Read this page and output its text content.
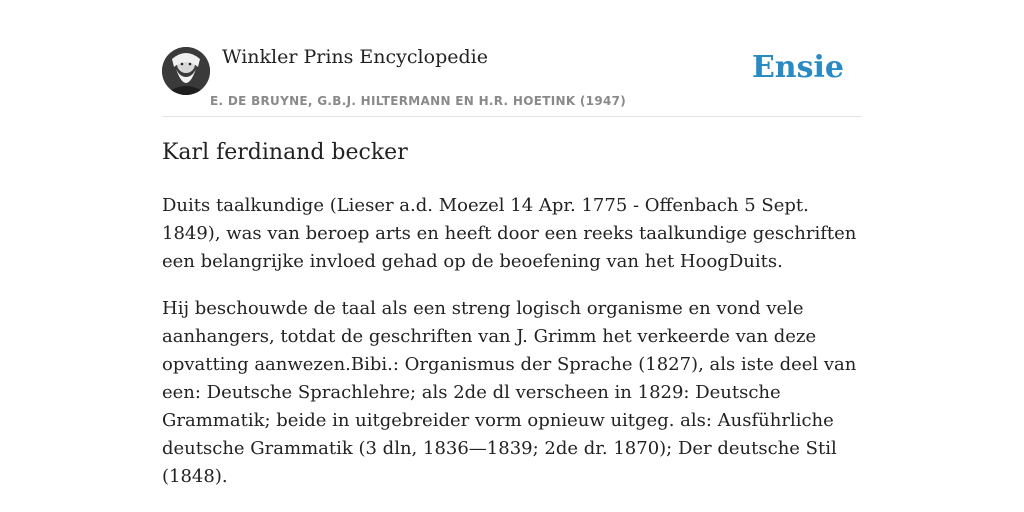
Winkler Prins Encyclopedie
E. DE BRUYNE, G.B.J. HILTERMANN EN H.R. HOETINK (1947)
Ensie
Karl ferdinand becker

Duits taalkundige (Lieser a.d. Moezel 14 Apr. 1775 - Offenbach 5 Sept. 1849), was van beroep arts en heeft door een reeks taalkundige geschriften een belangrijke invloed gehad op de beoefening van het HoogDuits.

Hij beschouwde de taal als een streng logisch organisme en vond vele aanhangers, totdat de geschriften van J. Grimm het verkeerde van deze opvatting aanwezen.Bibi.: Organismus der Sprache (1827), als iste deel van een: Deutsche Sprachlehre; als 2de dl verscheen in 1829: Deutsche Grammatik; beide in uitgebreider vorm opnieuw uitgeg. als: Ausführliche deutsche Grammatik (3 dln, 1836—1839; 2de dr. 1870); Der deutsche Stil (1848).
